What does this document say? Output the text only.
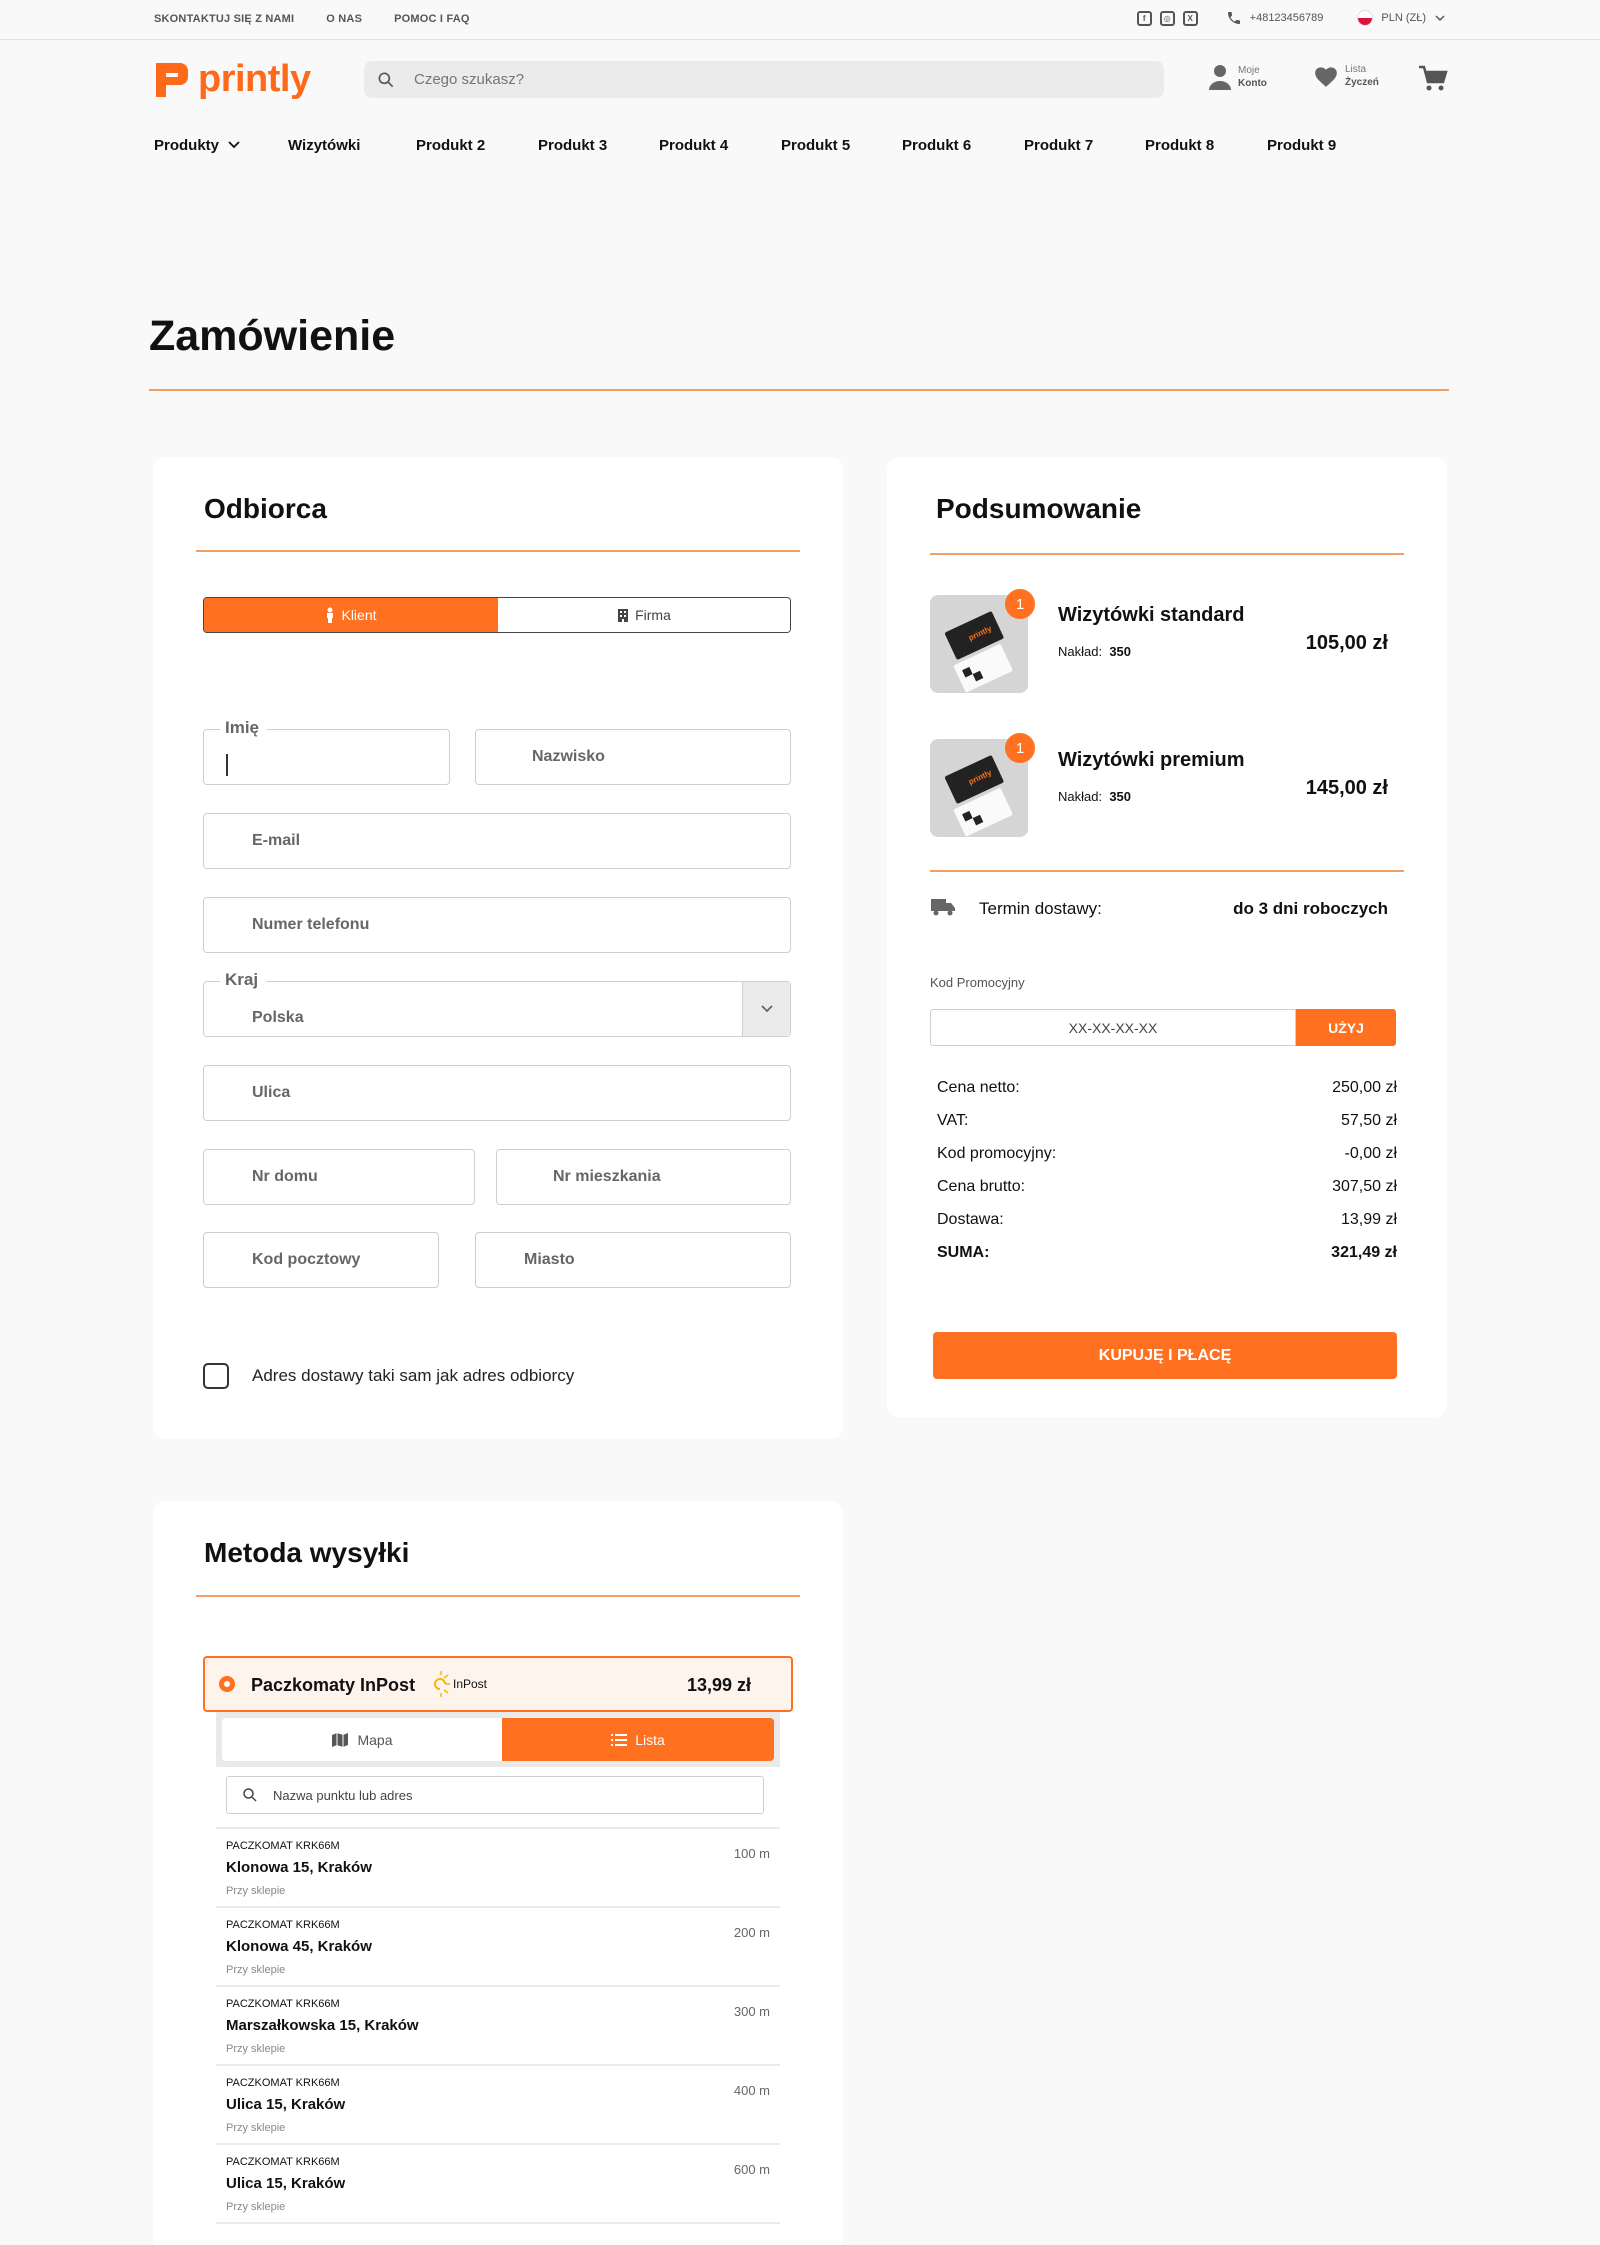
SKONTAKTUJ SIĘ Z NAMI	O NAS	POMOC I FAQ	f	◎	X	+48123456789	PLN (ZŁ)
printly
Czego szukasz?	Moje
Konto
Lista
Życzeń
Produkty	Wizytówki	Produkt 2	Produkt 3	Produkt 4	Produkt 5	Produkt 6	Produkt 7	Produkt 8	Produkt 9
Zamówienie
Odbiorca
Klient	Firma
Imię
Nazwisko
E-mail
Numer telefonu
Kraj
Polska
Ulica
Nr domu	Nr mieszkania
Kod pocztowy	Miasto
Adres dostawy taki sam jak adres odbiorcy
Podsumowanie
printly
1	Wizytówki standard
Nakład: 350	105,00 zł
printly
1
Wizytówki premium
Nakład: 350	145,00 zł
Termin dostawy:	do 3 dni roboczych
Kod Promocyjny
XX-XX-XX-XX	UŻYJ
Cena netto:	250,00 zł
VAT:	57,50 zł
Kod promocyjny:	-0,00 zł
Cena brutto:	307,50 zł
Dostawa:	13,99 zł
SUMA:	321,49 zł
KUPUJĘ I PŁACĘ
Metoda wysyłki
Paczkomaty InPost	InPost	13,99 zł
Mapa	Lista
Nazwa punktu lub adres
PACZKOMAT KRK66M
Klonowa 15, Kraków
Przy sklepie
100 m
PACZKOMAT KRK66M
Klonowa 45, Kraków
Przy sklepie
200 m
PACZKOMAT KRK66M
Marszałkowska 15, Kraków
Przy sklepie
300 m
PACZKOMAT KRK66M
Ulica 15, Kraków
Przy sklepie
400 m
PACZKOMAT KRK66M
Ulica 15, Kraków
Przy sklepie
600 m
